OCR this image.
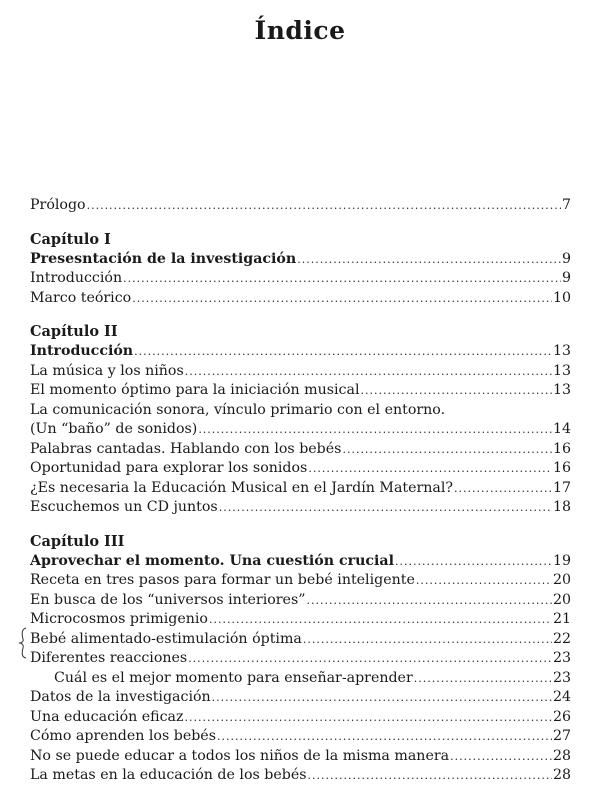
Índice
Prólogo .....	7
Capítulo I
Presesntación de la investigación .....	9
Introducción .....	9
Marco teórico .....	10
Capítulo II
Introducción .....	13
La música y los niños .....	13
El momento óptimo para la iniciación musical .....	13
La comunicación sonora, vínculo primario con el entorno.
(Un “baño” de sonidos) .....	14
Palabras cantadas. Hablando con los bebés .....	16
Oportunidad para explorar los sonidos .....	16
¿Es necesaria la Educación Musical en el Jardín Maternal? .....	17
Escuchemos un CD juntos .....	18
Capítulo III
Aprovechar el momento. Una cuestión crucial .....	19
Receta en tres pasos para formar un bebé inteligente .....	20
En busca de los “universos interiores” .....	20
Microcosmos primigenio .....	21
Bebé alimentado-estimulación óptima .....	22
Diferentes reacciones .....	23
Cuál es el mejor momento para enseñar-aprender .....	23
Datos de la investigación .....	24
Una educación eficaz .....	26
Cómo aprenden los bebés .....	27
No se puede educar a todos los niños de la misma manera .....	28
La metas en la educación de los bebés .....	28
